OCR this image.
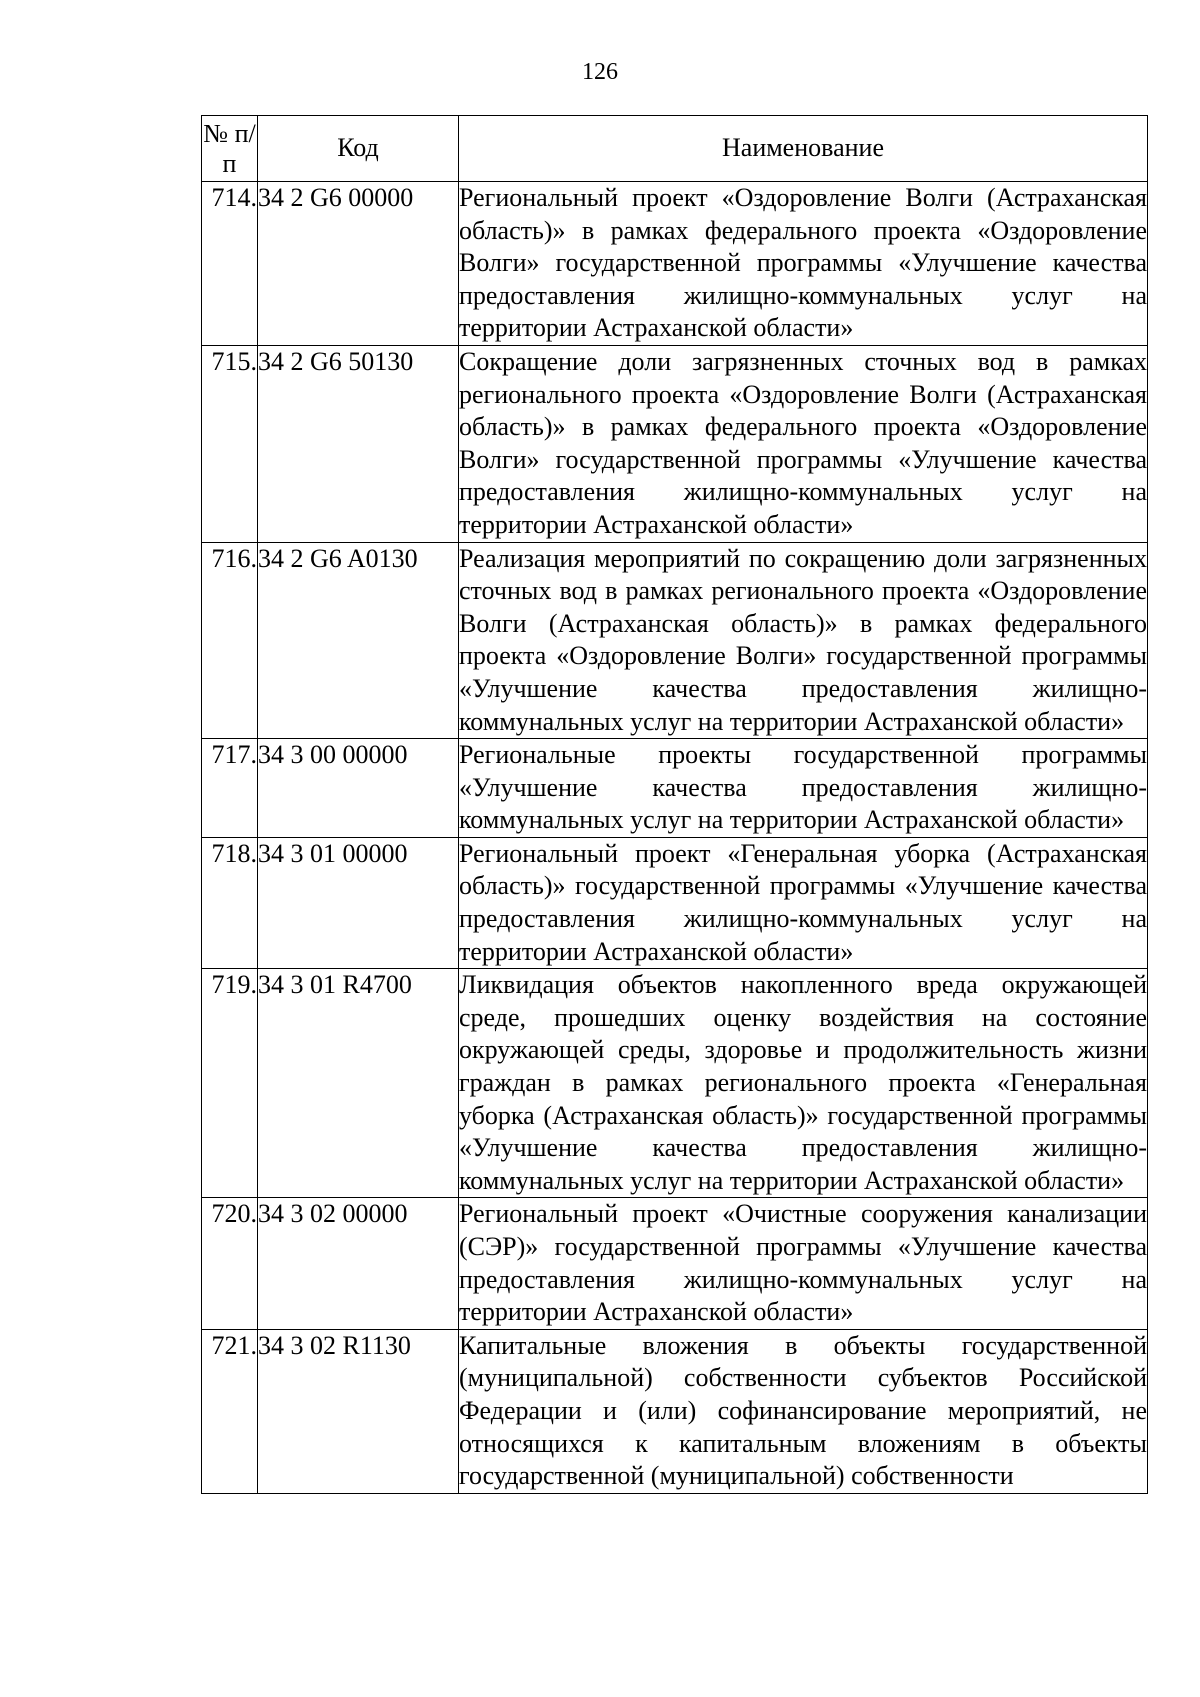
126
№ п/п	Код	Наименование
714.	34 2 G6 00000	Региональный проект «Оздоровление Волги (Астраханская область)» в рамках федерального проекта «Оздоровление Волги» государственной программы «Улучшение качества предоставления жилищно-коммунальных услуг на территории Астраханской области»
715.	34 2 G6 50130	Сокращение доли загрязненных сточных вод в рамках регионального проекта «Оздоровление Волги (Астраханская область)» в рамках федерального проекта «Оздоровление Волги» государственной программы «Улучшение качества предоставления жилищно-коммунальных услуг на территории Астраханской области»
716.	34 2 G6 A0130	Реализация мероприятий по сокращению доли загрязненных сточных вод в рамках регионального проекта «Оздоровление Волги (Астраханская область)» в рамках федерального проекта «Оздоровление Волги» государственной программы «Улучшение качества предоставления жилищно-коммунальных услуг на территории Астраханской области»
717.	34 3 00 00000	Региональные проекты государственной программы «Улучшение качества предоставления жилищно-коммунальных услуг на территории Астраханской области»
718.	34 3 01 00000	Региональный проект «Генеральная уборка (Астраханская область)» государственной программы «Улучшение качества предоставления жилищно-коммунальных услуг на территории Астраханской области»
719.	34 3 01 R4700	Ликвидация объектов накопленного вреда окружающей среде, прошедших оценку воздействия на состояние окружающей среды, здоровье и продолжительность жизни граждан в рамках регионального проекта «Генеральная уборка (Астраханская область)» государственной программы «Улучшение качества предоставления жилищно-коммунальных услуг на территории Астраханской области»
720.	34 3 02 00000	Региональный проект «Очистные сооружения канализации (СЭР)» государственной программы «Улучшение качества предоставления жилищно-коммунальных услуг на территории Астраханской области»
721.	34 3 02 R1130	Капитальные вложения в объекты государственной (муниципальной) собственности субъектов Российской Федерации и (или) софинансирование мероприятий, не относящихся к капитальным вложениям в объекты государственной (муниципальной) собственности
